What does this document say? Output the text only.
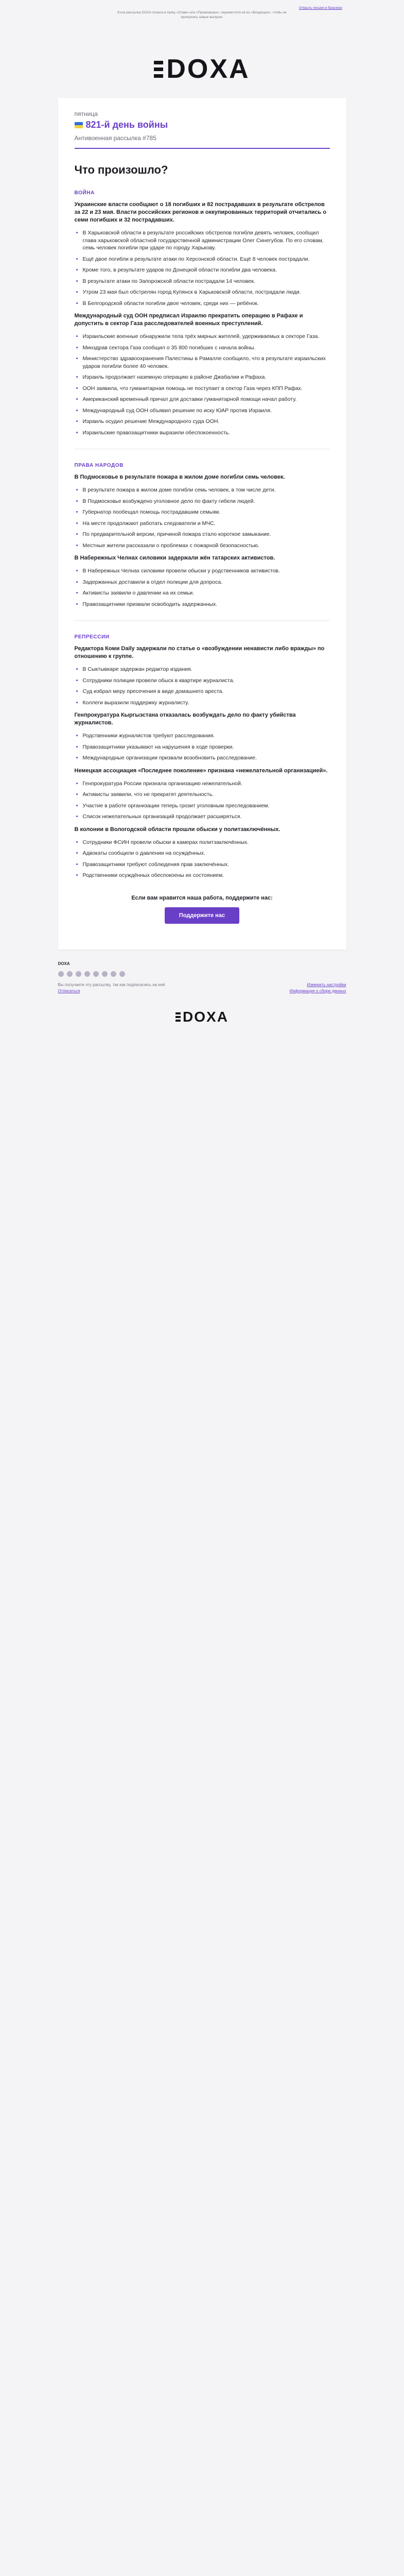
Если рассылка DOXA попала в папку «Спам» или «Промоакции», переместите её во «Входящие», чтобы не пропускать новые выпуски.
Открыть письмо в браузере
DOXA
пятница
821-й день войны
Антивоенная рассылка #785
Что произошло?
ВОЙНА

Украинские власти сообщают о 18 погибших и 82 пострадавших в результате обстрелов за 22 и 23 мая. Власти российских регионов и оккупированных территорий отчитались о семи погибших и 32 пострадавших.

• В Харьковской области в результате российских обстрелов погибли девять человек, сообщил глава харьковской областной государственной администрации Олег Синегубов. По его словам, семь человек погибли при ударе по городу Харькову.
• Ещё двое погибли в результате атаки по Херсонской области. Ещё 8 человек пострадали.
• Кроме того, в результате ударов по Донецкой области погибли два человека.
• В результате атаки по Запорожской области пострадали 14 человек.
• Утром 23 мая был обстрелян город Купянск в Харьковской области, пострадали люди.
• В Белгородской области погибли двое человек, среди них — ребёнок.

Международный суд ООН предписал Израилю прекратить операцию в Рафахе и допустить в сектор Газа расследователей военных преступлений.

• Израильские военные обнаружили тела трёх мирных жителей, удерживаемых в секторе Газа.
• Минздрав сектора Газа сообщил о 35 800 погибших с начала войны.
• Министерство здравоохранения Палестины в Рамалле сообщило, что в результате израильских ударов погибли более 40 человек.
• Израиль продолжает наземную операцию в районе Джабалии и Рафаха.
• ООН заявила, что гуманитарная помощь не поступает в сектор Газа через КПП Рафах.
• Американский временный причал для доставки гуманитарной помощи начал работу.
• Международный суд ООН объявил решение по иску ЮАР против Израиля.
• Израиль осудил решение Международного суда ООН.
• Израильские правозащитники выразили обеспокоенность.
ПРАВА НАРОДОВ

В Подмосковье в результате пожара в жилом доме погибли семь человек.

• В результате пожара в жилом доме погибли семь человек, в том числе дети.
• В Подмосковье возбуждено уголовное дело по факту гибели людей.
• Губернатор пообещал помощь пострадавшим семьям.
• На месте продолжают работать следователи и МЧС.
• По предварительной версии, причиной пожара стало короткое замыкание.
• Местные жители рассказали о проблемах с пожарной безопасностью.

В Набережных Челнах силовики задержали жён татарских активистов.

• В Набережных Челнах силовики провели обыски у родственников активистов.
• Задержанных доставили в отдел полиции для допроса.
• Активисты заявили о давлении на их семьи.
• Правозащитники призвали освободить задержанных.
РЕПРЕССИИ

Редактора Коми Daily задержали по статье о «возбуждении ненависти либо вражды» по отношению к группе.

• В Сыктывкаре задержан редактор издания.
• Сотрудники полиции провели обыск в квартире журналиста.
• Суд избрал меру пресечения в виде домашнего ареста.
• Коллеги выразили поддержку журналисту.

Генпрокуратура Кыргызстана отказалась возбуждать дело по факту убийства журналистов.

• Родственники журналистов требуют расследования.
• Правозащитники указывают на нарушения в ходе проверки.
• Международные организации призвали возобновить расследование.

Немецкая ассоциация «Последнее поколение» признана «нежелательной организацией».

• Генпрокуратура России признала организацию нежелательной.
• Активисты заявили, что не прекратят деятельность.
• Участие в работе организации теперь грозит уголовным преследованием.
• Список нежелательных организаций продолжает расширяться.

В колонии в Вологодской области прошли обыски у политзаключённых.

• Сотрудники ФСИН провели обыски в камерах политзаключённых.
• Адвокаты сообщили о давлении на осуждённых.
• Правозащитники требуют соблюдения прав заключённых.
• Родственники осуждённых обеспокоены их состоянием.
Если вам нравится наша работа, поддержите нас:
Поддержите нас
DOXA
Вы получаете эту рассылку, так как подписались на неё.
Отписаться
Изменить настройки
Информация о сборе данных
DOXA
